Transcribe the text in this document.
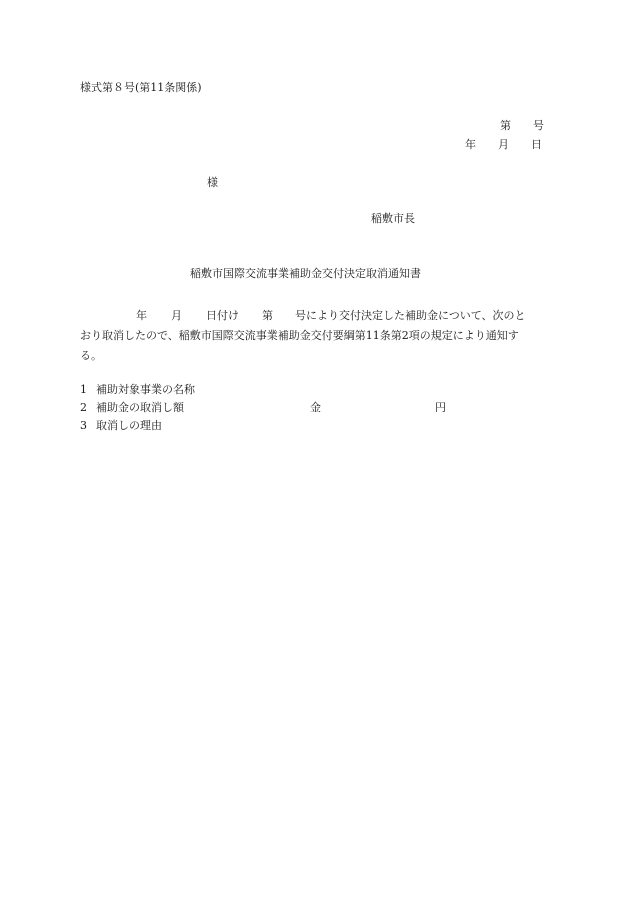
様式第８号(第11条関係)
第 号
年 月 日
様
稲敷市長
稲敷市国際交流事業補助金交付決定取消通知書
年 月 日付け 第 号により交付決定した補助金について、次のと
おり取消したので、稲敷市国際交流事業補助金交付要綱第11条第2項の規定により通知す
る。
1 補助対象事業の名称
2 補助金の取消し額	金	円
3 取消しの理由
